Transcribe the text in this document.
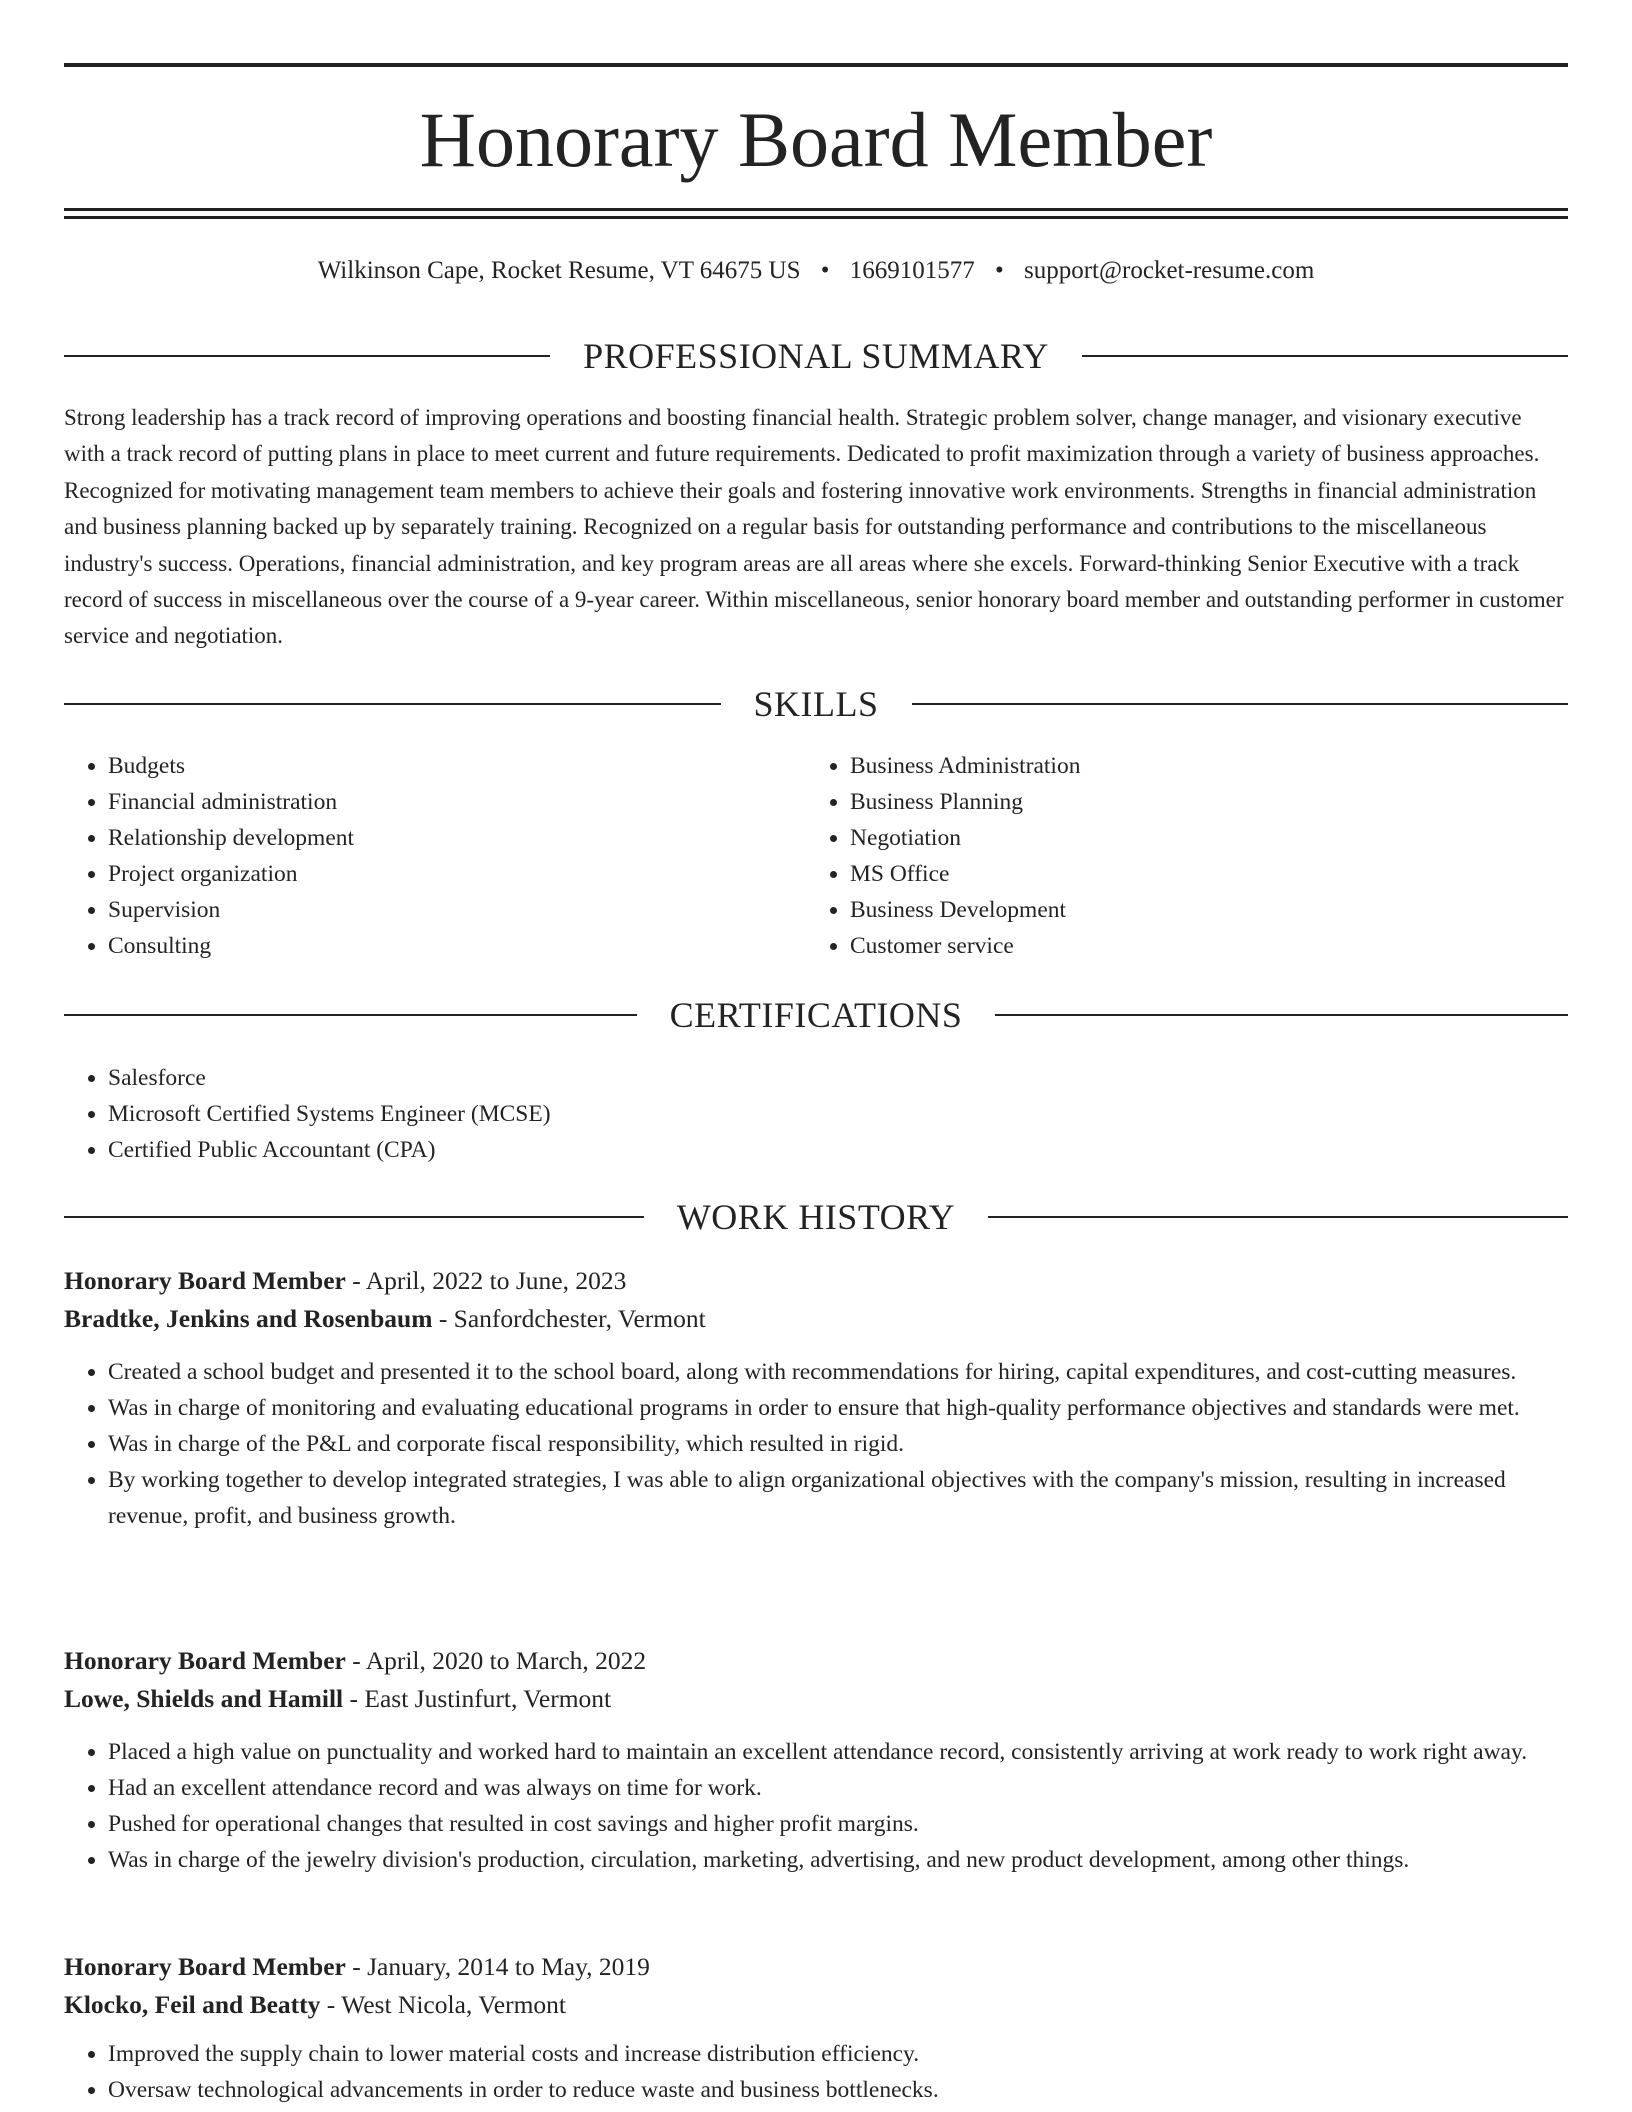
Honorary Board Member
Wilkinson Cape, Rocket Resume, VT 64675 US • 1669101577 • support@rocket-resume.com
PROFESSIONAL SUMMARY

Strong leadership has a track record of improving operations and boosting financial health. Strategic problem solver, change manager, and visionary executive with a track record of putting plans in place to meet current and future requirements. Dedicated to profit maximization through a variety of business approaches. Recognized for motivating management team members to achieve their goals and fostering innovative work environments. Strengths in financial administration and business planning backed up by separately training. Recognized on a regular basis for outstanding performance and contributions to the miscellaneous industry's success. Operations, financial administration, and key program areas are all areas where she excels. Forward-thinking Senior Executive with a track record of success in miscellaneous over the course of a 9-year career. Within miscellaneous, senior honorary board member and outstanding performer in customer service and negotiation.

SKILLS
• Budgets
• Financial administration
• Relationship development
• Project organization
• Supervision
• Consulting
• Business Administration
• Business Planning
• Negotiation
• MS Office
• Business Development
• Customer service
CERTIFICATIONS
• Salesforce
• Microsoft Certified Systems Engineer (MCSE)
• Certified Public Accountant (CPA)
WORK HISTORY
Honorary Board Member - April, 2022 to June, 2023
Bradtke, Jenkins and Rosenbaum - Sanfordchester, Vermont
• Created a school budget and presented it to the school board, along with recommendations for hiring, capital expenditures, and cost-cutting measures.
• Was in charge of monitoring and evaluating educational programs in order to ensure that high-quality performance objectives and standards were met.
• Was in charge of the P&L and corporate fiscal responsibility, which resulted in rigid.
• By working together to develop integrated strategies, I was able to align organizational objectives with the company's mission, resulting in increased revenue, profit, and business growth.
Honorary Board Member - April, 2020 to March, 2022
Lowe, Shields and Hamill - East Justinfurt, Vermont
• Placed a high value on punctuality and worked hard to maintain an excellent attendance record, consistently arriving at work ready to work right away.
• Had an excellent attendance record and was always on time for work.
• Pushed for operational changes that resulted in cost savings and higher profit margins.
• Was in charge of the jewelry division's production, circulation, marketing, advertising, and new product development, among other things.
Honorary Board Member - January, 2014 to May, 2019
Klocko, Feil and Beatty - West Nicola, Vermont
• Improved the supply chain to lower material costs and increase distribution efficiency.
• Oversaw technological advancements in order to reduce waste and business bottlenecks.
